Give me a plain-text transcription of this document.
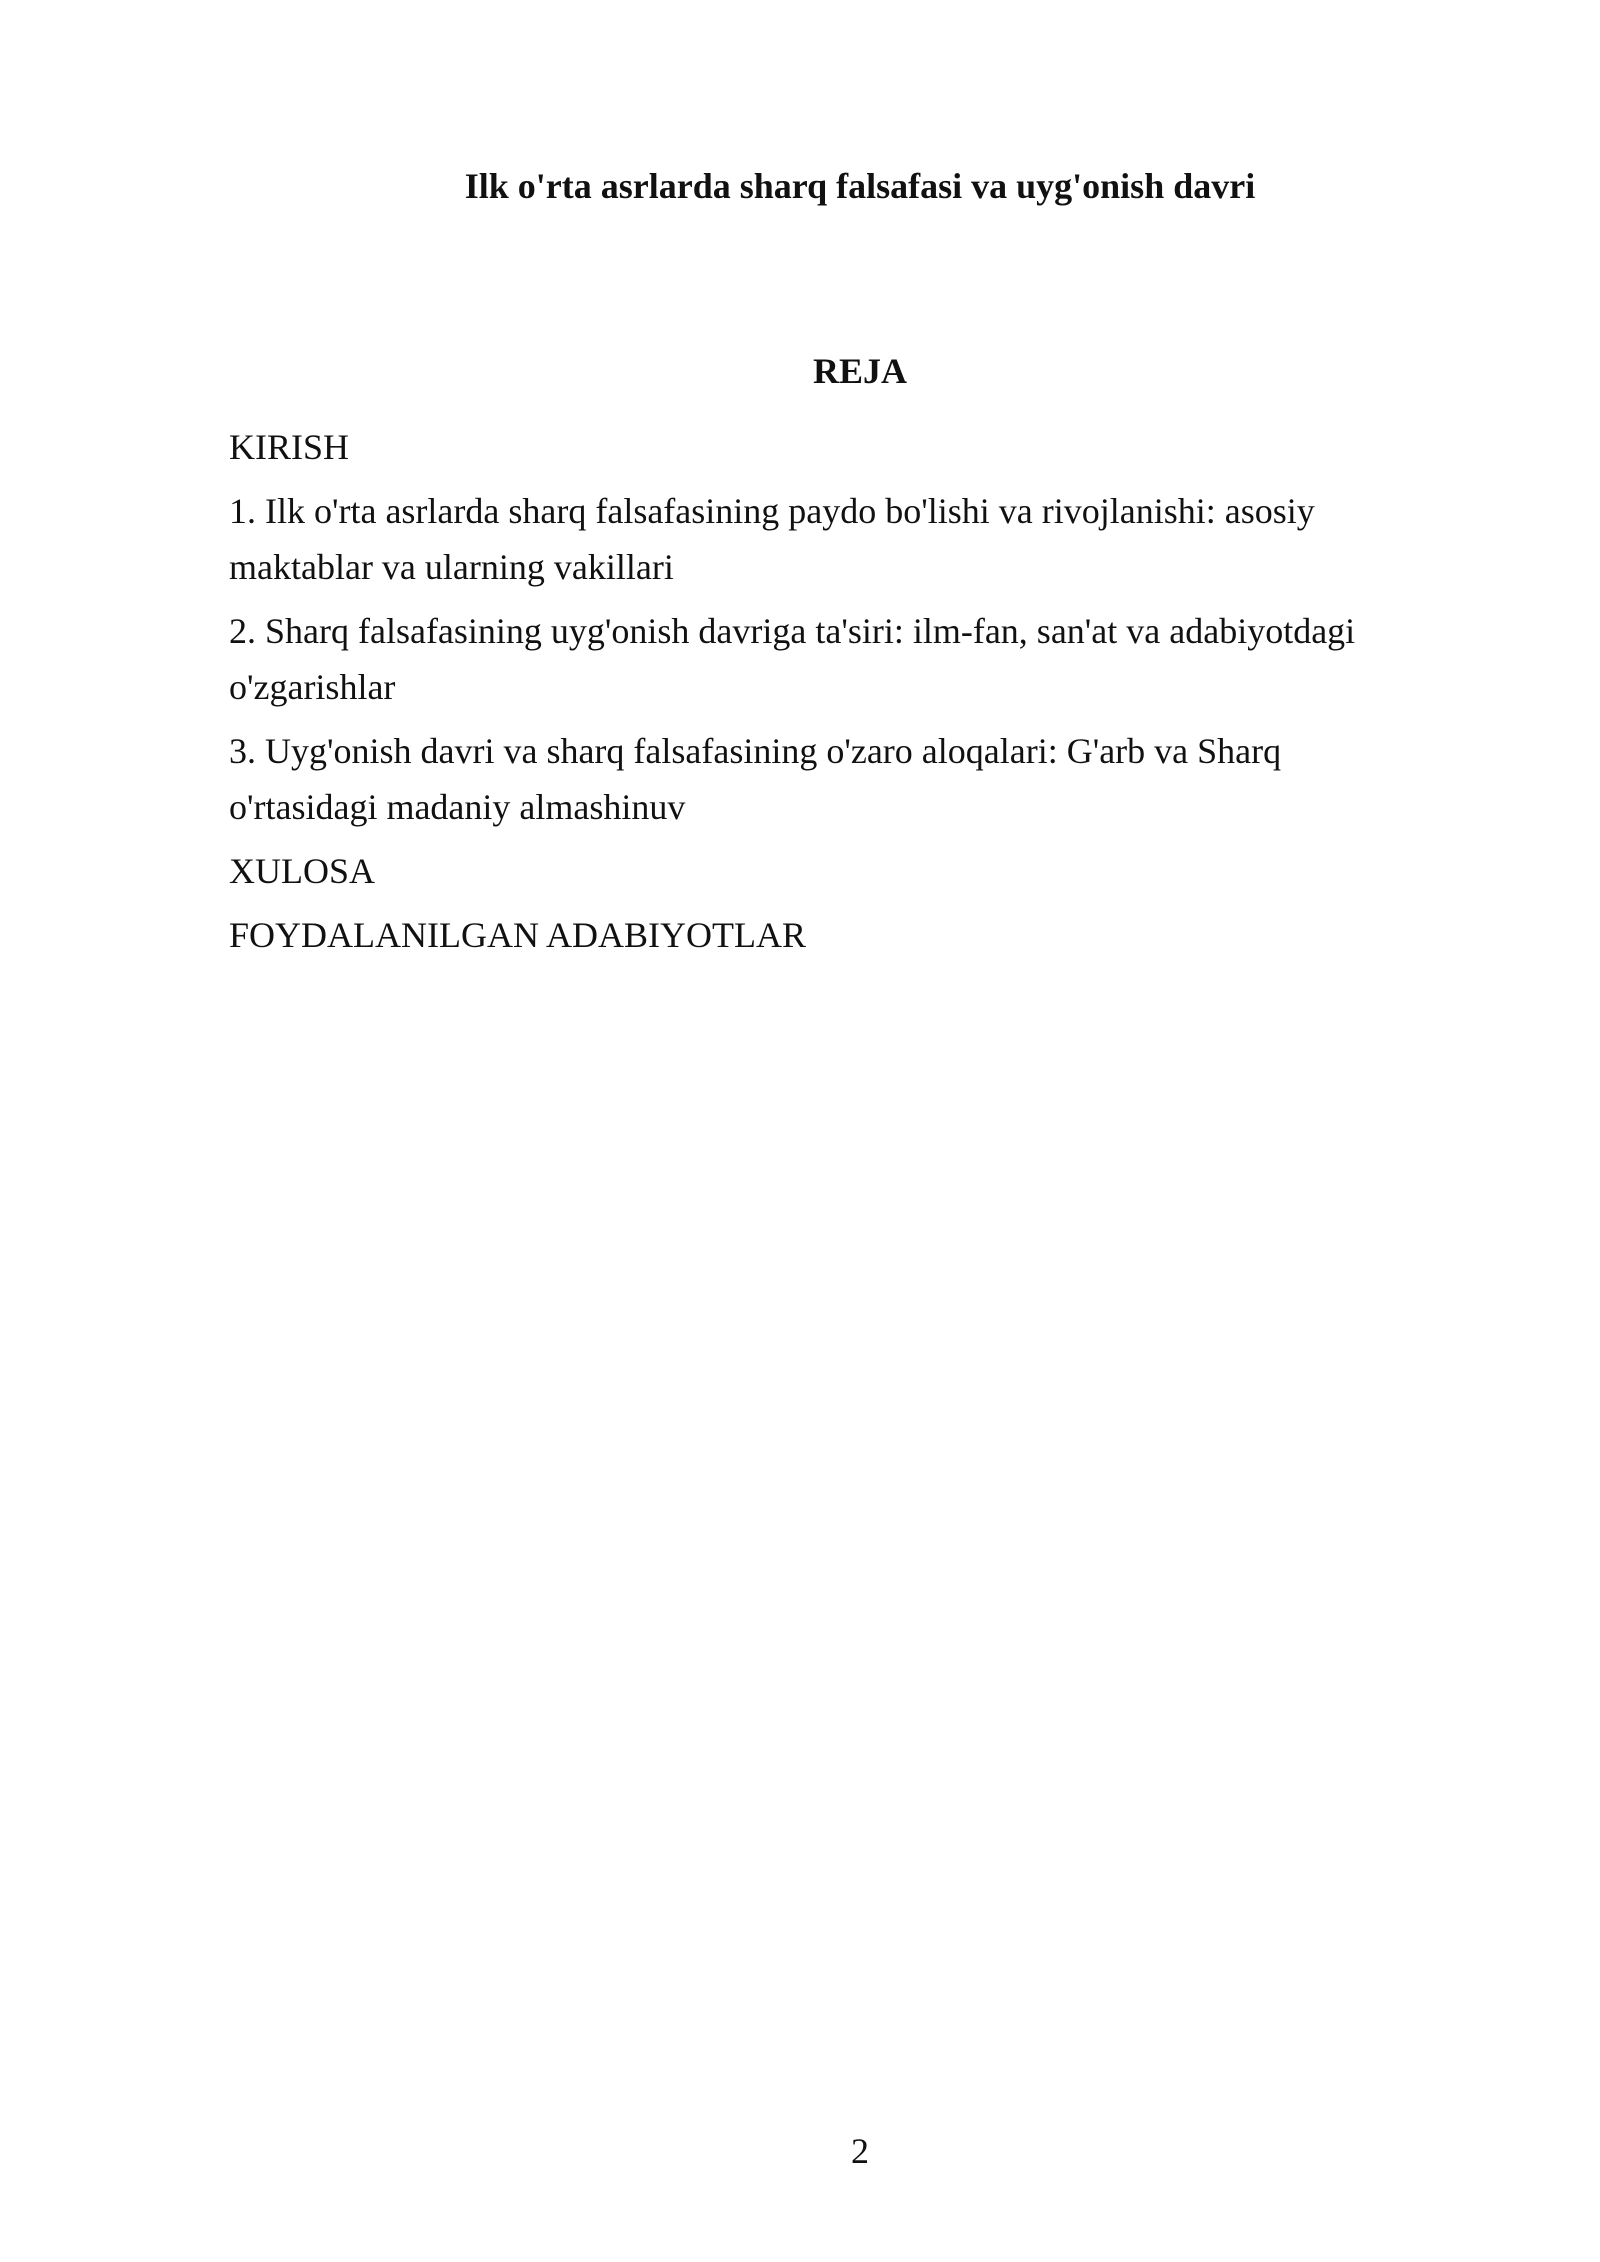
Ilk o'rta asrlarda sharq falsafasi va uyg'onish davri
REJA
KIRISH
1. Ilk o'rta asrlarda sharq falsafasining paydo bo'lishi va rivojlanishi: asosiy maktablar va ularning vakillari
2. Sharq falsafasining uyg'onish davriga ta'siri: ilm-fan, san'at va adabiyotdagi o'zgarishlar
3. Uyg'onish davri va sharq falsafasining o'zaro aloqalari: G'arb va Sharq o'rtasidagi madaniy almashinuv
XULOSA
FOYDALANILGAN ADABIYOTLAR
2
